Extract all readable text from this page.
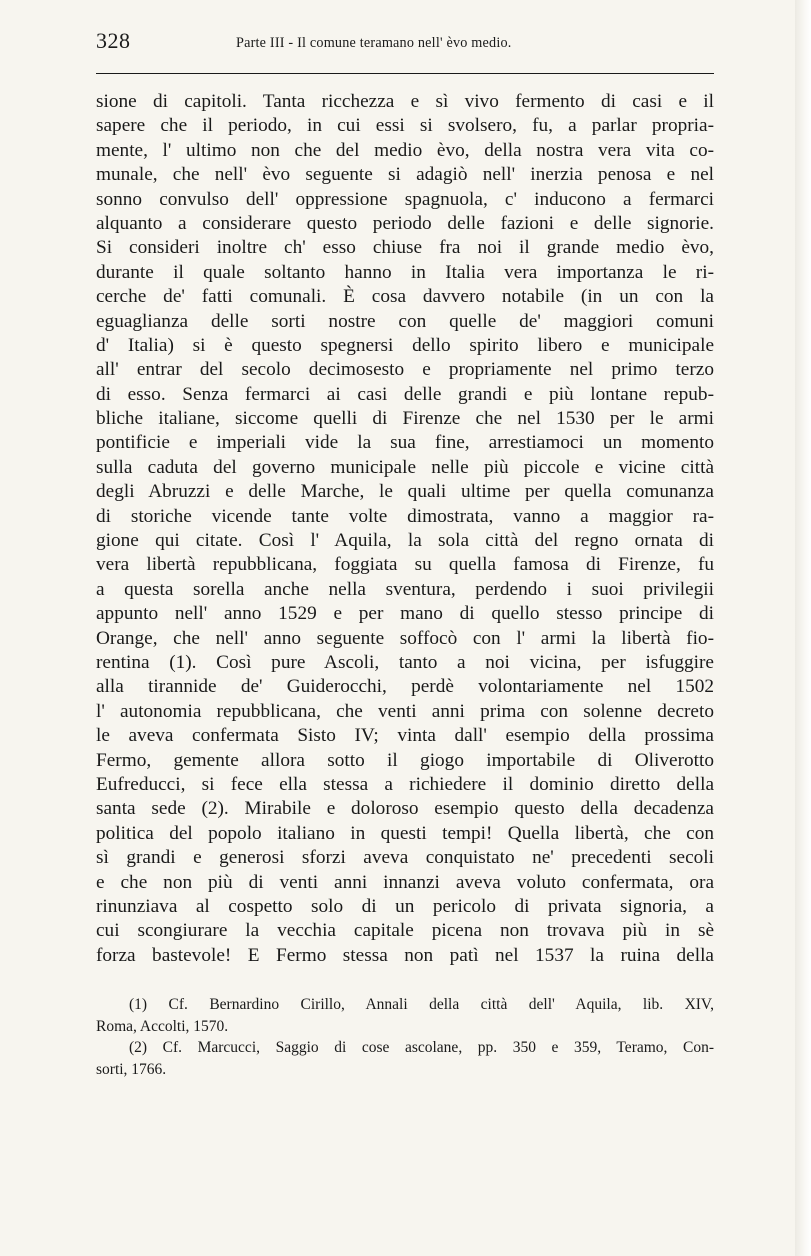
328	Parte III - Il comune teramano nell' èvo medio.
sione di capitoli. Tanta ricchezza e sì vivo fermento di casi e il
sapere che il periodo, in cui essi si svolsero, fu, a parlar propria-
mente, l' ultimo non che del medio èvo, della nostra vera vita co-
munale, che nell' èvo seguente si adagiò nell' inerzia penosa e nel
sonno convulso dell' oppressione spagnuola, c' inducono a fermarci
alquanto a considerare questo periodo delle fazioni e delle signorie.
Si consideri inoltre ch' esso chiuse fra noi il grande medio èvo,
durante il quale soltanto hanno in Italia vera importanza le ri-
cerche de' fatti comunali. È cosa davvero notabile (in un con la
eguaglianza delle sorti nostre con quelle de' maggiori comuni
d' Italia) si è questo spegnersi dello spirito libero e municipale
all' entrar del secolo decimosesto e propriamente nel primo terzo
di esso. Senza fermarci ai casi delle grandi e più lontane repub-
bliche italiane, siccome quelli di Firenze che nel 1530 per le armi
pontificie e imperiali vide la sua fine, arrestiamoci un momento
sulla caduta del governo municipale nelle più piccole e vicine città
degli Abruzzi e delle Marche, le quali ultime per quella comunanza
di storiche vicende tante volte dimostrata, vanno a maggior ra-
gione qui citate. Così l' Aquila, la sola città del regno ornata di
vera libertà repubblicana, foggiata su quella famosa di Firenze, fu
a questa sorella anche nella sventura, perdendo i suoi privilegii
appunto nell' anno 1529 e per mano di quello stesso principe di
Orange, che nell' anno seguente soffocò con l' armi la libertà fio-
rentina (1). Così pure Ascoli, tanto a noi vicina, per isfuggire
alla tirannide de' Guiderocchi, perdè volontariamente nel 1502
l' autonomia repubblicana, che venti anni prima con solenne decreto
le aveva confermata Sisto IV; vinta dall' esempio della prossima
Fermo, gemente allora sotto il giogo importabile di Oliverotto
Eufreducci, si fece ella stessa a richiedere il dominio diretto della
santa sede (2). Mirabile e doloroso esempio questo della decadenza
politica del popolo italiano in questi tempi! Quella libertà, che con
sì grandi e generosi sforzi aveva conquistato ne' precedenti secoli
e che non più di venti anni innanzi aveva voluto confermata, ora
rinunziava al cospetto solo di un pericolo di privata signoria, a
cui scongiurare la vecchia capitale picena non trovava più in sè
forza bastevole! E Fermo stessa non patì nel 1537 la ruina della
(1) Cf. Bernardino Cirillo, Annali della città dell' Aquila, lib. XIV,
Roma, Accolti, 1570.
(2) Cf. Marcucci, Saggio di cose ascolane, pp. 350 e 359, Teramo, Con-
sorti, 1766.
